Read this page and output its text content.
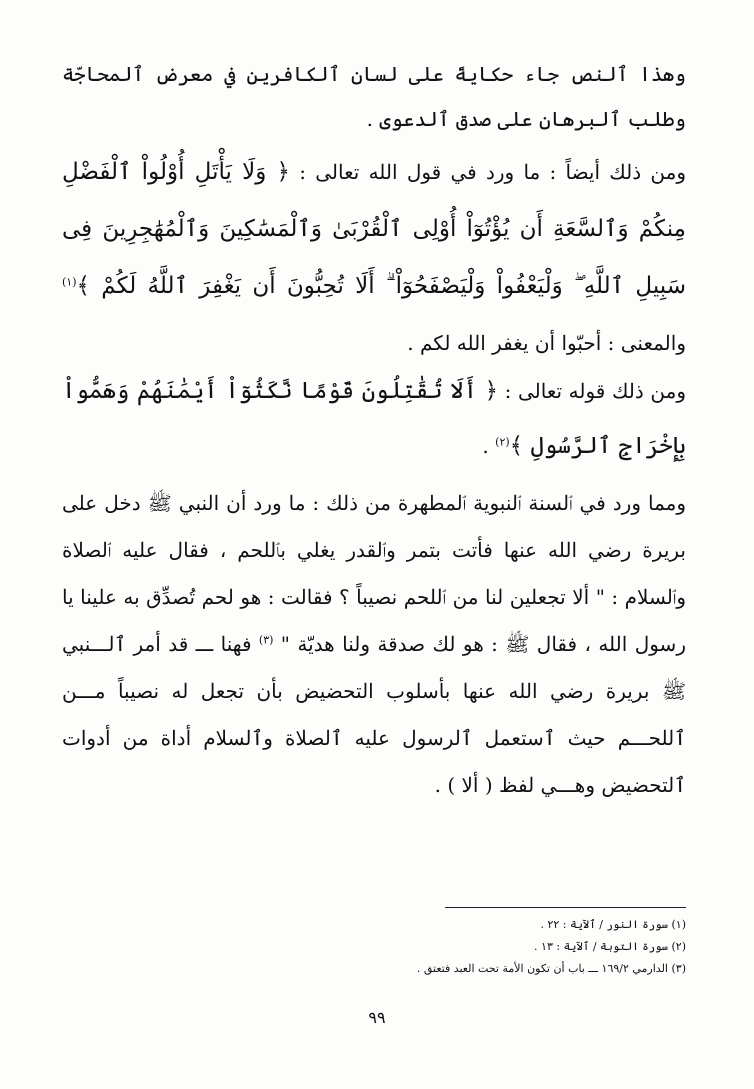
وهذا ٱلنص جاء حكايةً على لسان ٱلكافرين في معرض ٱلمحاجّة وطلب ٱلبرهان على صدق ٱلدعوى .
ومن ذلك أيضاً : ما ورد في قول الله تعالى : ﴿ وَلَا يَأْتَلِ أُوْلُواْ ٱلْفَضْلِ مِنكُمْ وَٱلسَّعَةِ أَن يُؤْتُوٓاْ أُوْلِى ٱلْقُرْبَىٰ وَٱلْمَسَٰكِينَ وَٱلْمُهَٰجِرِينَ فِى سَبِيلِ ٱللَّهِ ۖ وَلْيَعْفُواْ وَلْيَصْفَحُوٓاْ ۗ أَلَا تُحِبُّونَ أَن يَغْفِرَ ٱللَّهُ لَكُمْ ﴾$^{(١)}$ والمعنى : أحبّوا أن يغفر الله لكم .
ومن ذلك قوله تعالى : ﴿ أَلَا تُقَٰتِلُونَ قَوْمًا نَّكَثُوٓاْ أَيْمَٰنَهُمْ وَهَمُّواْ بِإِخْرَاجِ ٱلرَّسُولِ ﴾$^{(٢)}$ .
ومما ورد في ٱلسنة ٱلنبوية ٱلمطهرة من ذلك : ما ورد أن النبي ﷺ دخل على بريرة رضي الله عنها فأتت بتمر وٱلقدر يغلي بٱللحم ، فقال عليه ٱلصلاة وٱلسلام : " ألا تجعلين لنا من ٱللحم نصيباً ؟ فقالت : هو لحم تُصدِّق به علينا يا رسول الله ، فقال ﷺ : هو لك صدقة ولنا هديّة " $^{(٣)}$ فهنا ـــ قد أمر ٱلـــنبي ﷺ بريرة رضي الله عنها بأسلوب التحضيض بأن تجعل له نصيباً مـــن ٱللحـــم حيث ٱستعمل ٱلرسول عليه ٱلصلاة وٱلسلام أداة من أدوات ٱلتحضيض وهـــي لفظ ( ألا ) .
(١) سورة النور / ٱلآية : ٢٢ .
(٢) سورة التوبة / ٱلآية : ١٣ .
(٣) الدارمي ١٦٩/٢ ـــ باب أن تكون الأمة تحت العبد فتعتق .
٩٩
